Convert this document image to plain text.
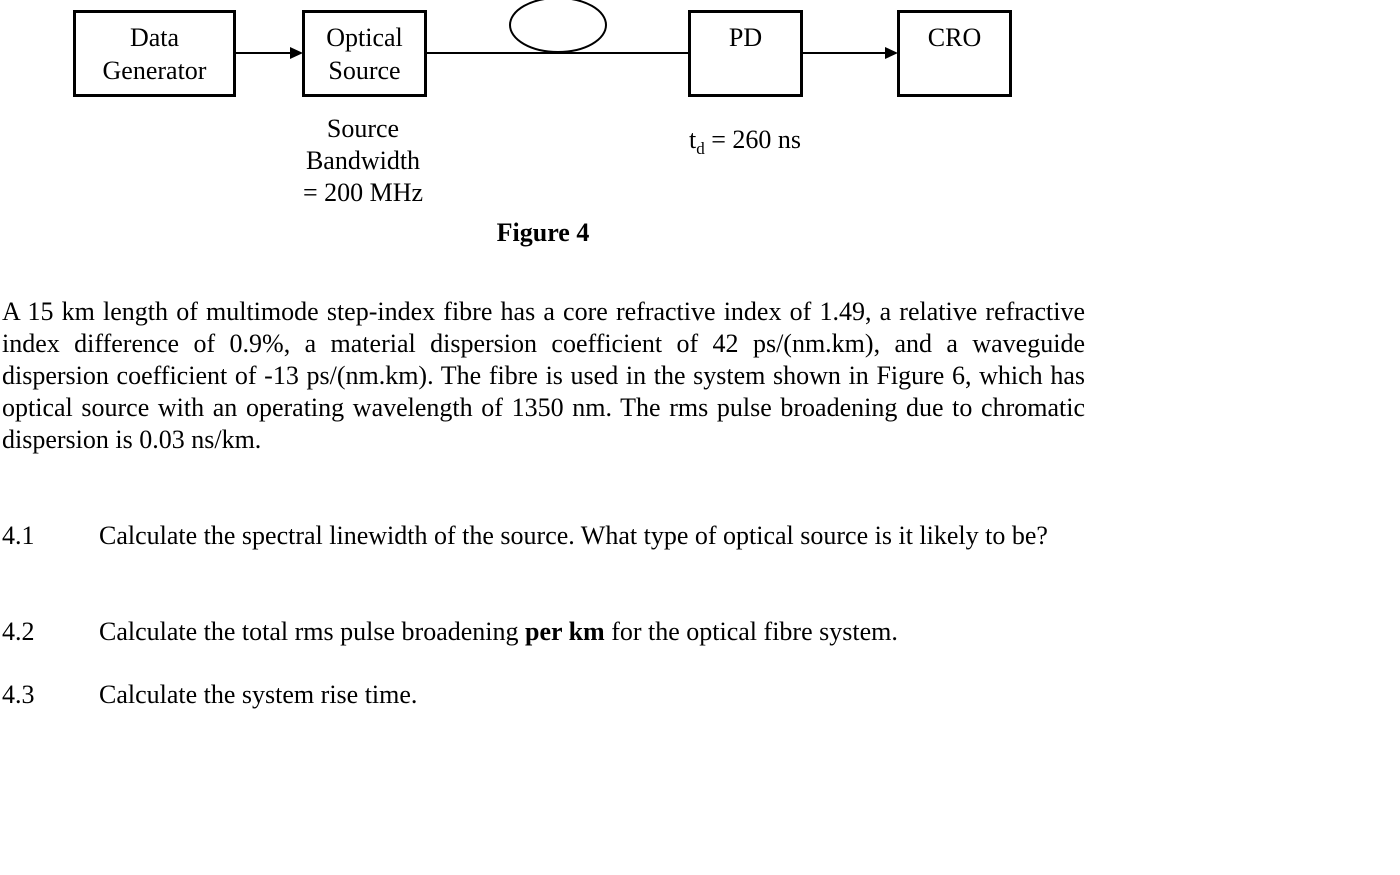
Data
Generator
Optical
Source
PD	CRO
Source
Bandwidth
= 200 MHz
$t_d = 260$ ns
Figure 4

A 15 km length of multimode step-index fibre has a core refractive index of 1.49, a relative refractive index difference of 0.9%, a material dispersion coefficient of 42 ps/(nm.km), and a waveguide dispersion coefficient of -13 ps/(nm.km). The fibre is used in the system shown in Figure 6, which has optical source with an operating wavelength of 1350 nm. The rms pulse broadening due to chromatic dispersion is 0.03 ns/km.

4.1 Calculate the spectral linewidth of the source. What type of optical source is it likely to be?
4.2 Calculate the total rms pulse broadening per km for the optical fibre system.
4.3 Calculate the system rise time.
